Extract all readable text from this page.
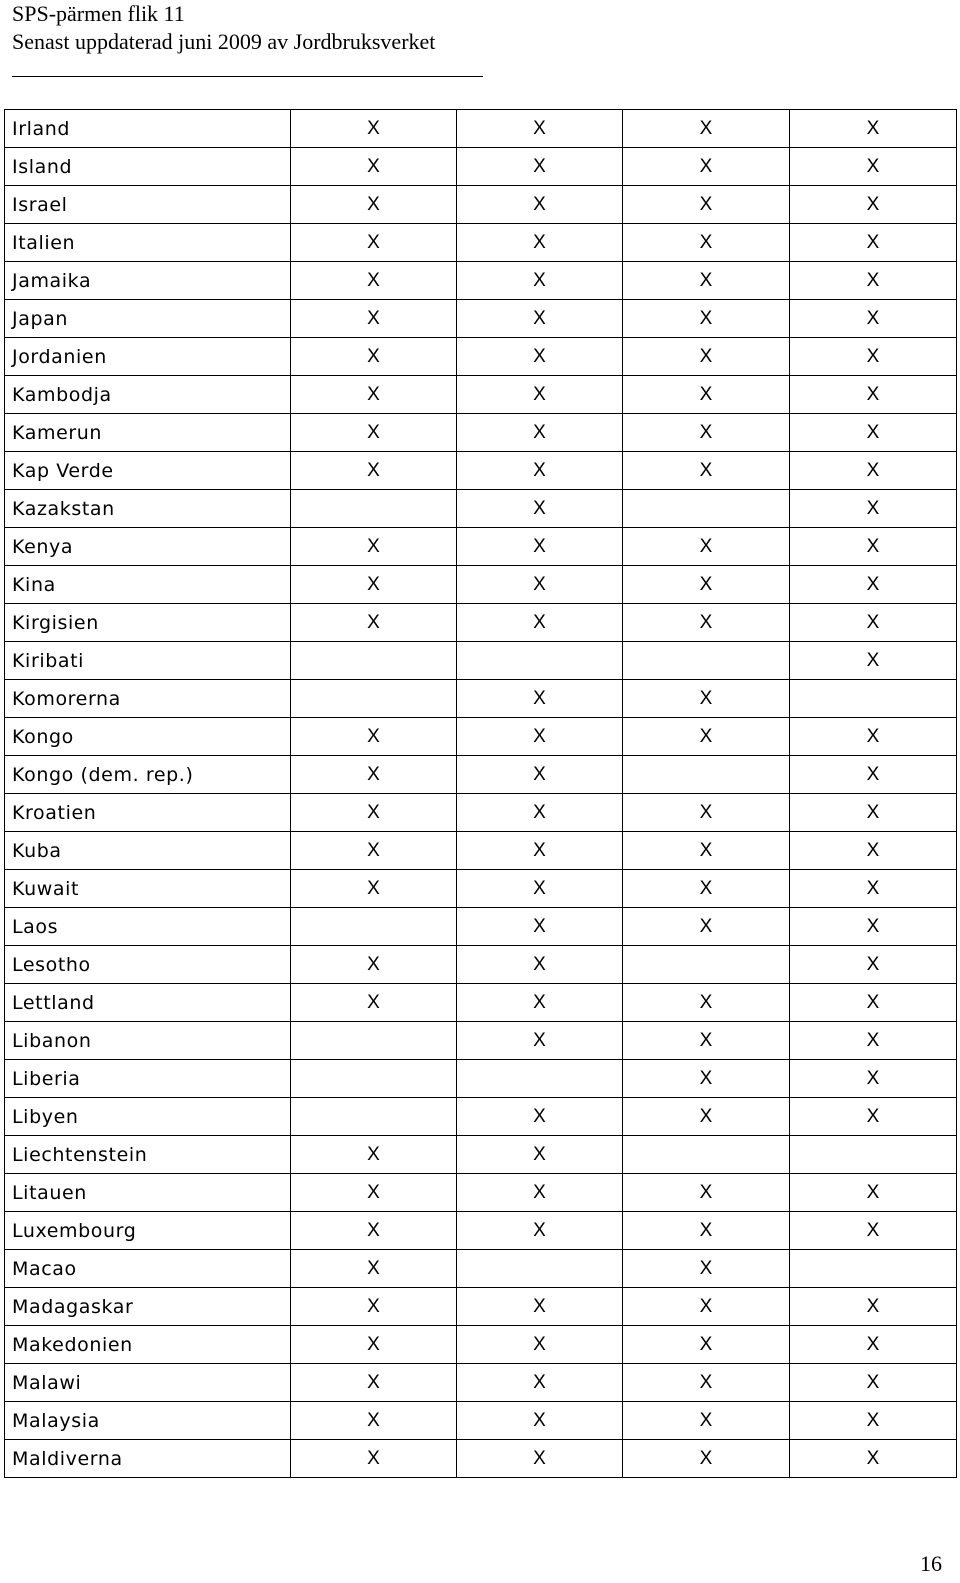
SPS-pärmen flik 11
Senast uppdaterad juni 2009 av Jordbruksverket
Irland	X	X	X	X
Island	X	X	X	X
Israel	X	X	X	X
Italien	X	X	X	X
Jamaika	X	X	X	X
Japan	X	X	X	X
Jordanien	X	X	X	X
Kambodja	X	X	X	X
Kamerun	X	X	X	X
Kap Verde	X	X	X	X
Kazakstan		X		X
Kenya	X	X	X	X
Kina	X	X	X	X
Kirgisien	X	X	X	X
Kiribati				X
Komorerna		X	X	
Kongo	X	X	X	X
Kongo (dem. rep.)	X	X		X
Kroatien	X	X	X	X
Kuba	X	X	X	X
Kuwait	X	X	X	X
Laos		X	X	X
Lesotho	X	X		X
Lettland	X	X	X	X
Libanon		X	X	X
Liberia			X	X
Libyen		X	X	X
Liechtenstein	X	X		
Litauen	X	X	X	X
Luxembourg	X	X	X	X
Macao	X		X	
Madagaskar	X	X	X	X
Makedonien	X	X	X	X
Malawi	X	X	X	X
Malaysia	X	X	X	X
Maldiverna	X	X	X	X
16
